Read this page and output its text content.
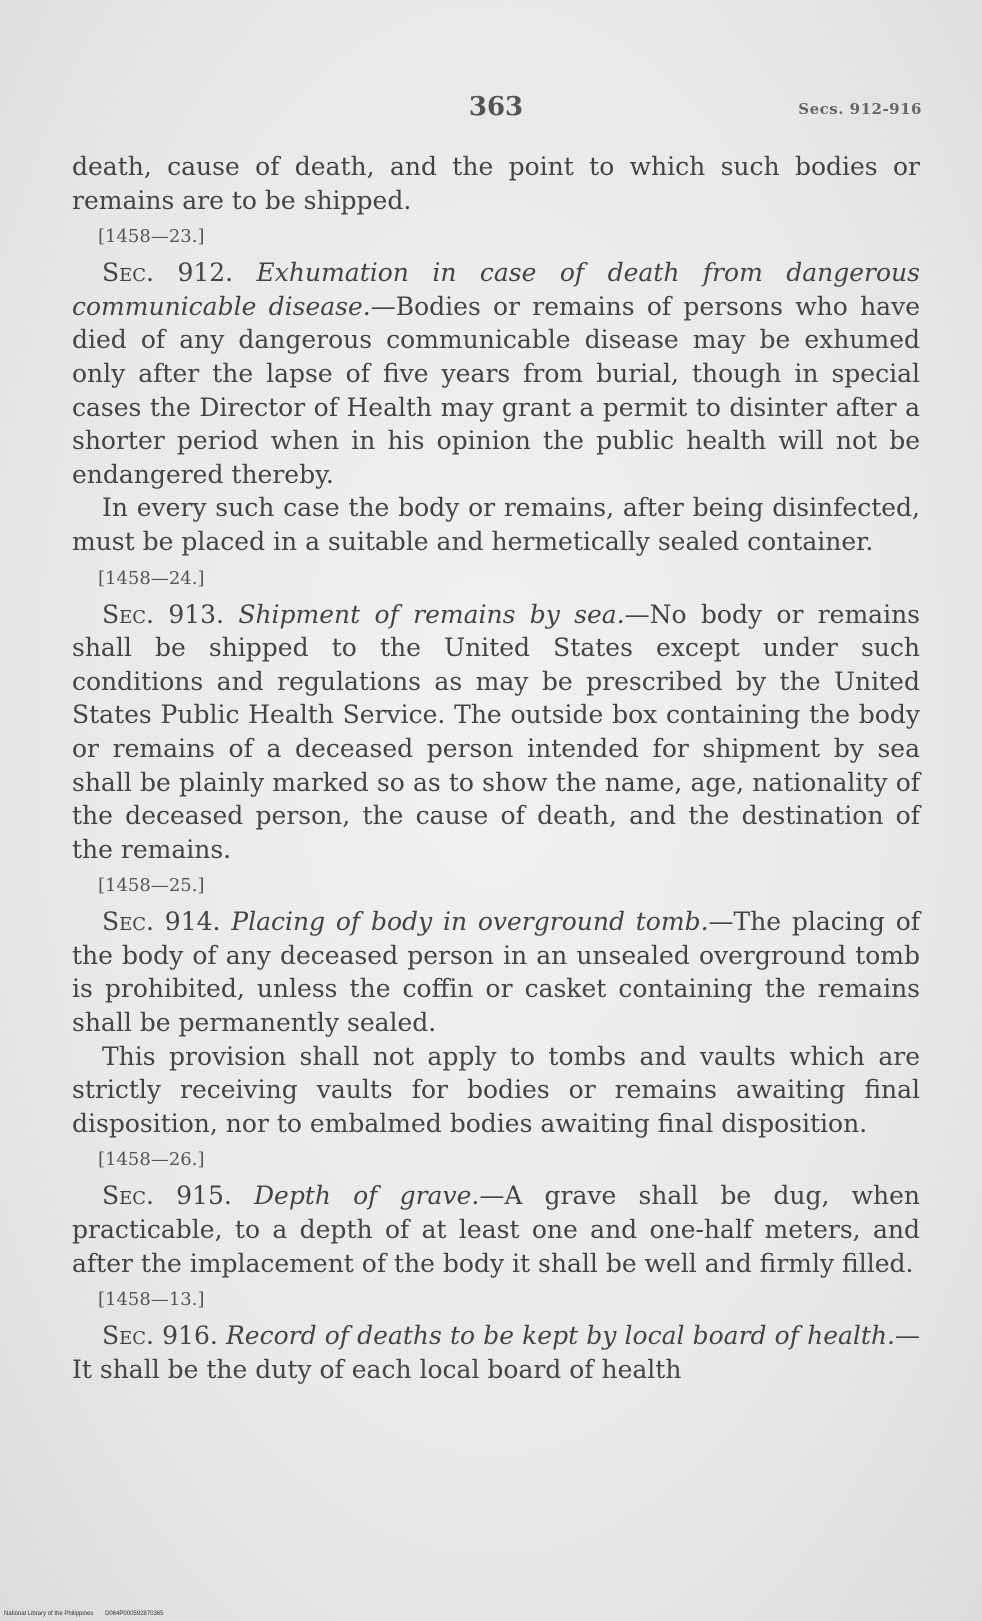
363	Secs. 912-916

death, cause of death, and the point to which such bodies or remains are to be shipped.

[1458—23.]

Sec. 912. Exhumation in case of death from dangerous communicable disease.—Bodies or remains of persons who have died of any dangerous communicable disease may be exhumed only after the lapse of five years from burial, though in special cases the Director of Health may grant a permit to disinter after a shorter period when in his opinion the public health will not be endangered thereby.

In every such case the body or remains, after being disinfected, must be placed in a suitable and hermetically sealed container.

[1458—24.]

Sec. 913. Shipment of remains by sea.—No body or remains shall be shipped to the United States except under such conditions and regulations as may be prescribed by the United States Public Health Service. The outside box containing the body or remains of a deceased person intended for shipment by sea shall be plainly marked so as to show the name, age, nationality of the deceased person, the cause of death, and the destination of the remains.

[1458—25.]

Sec. 914. Placing of body in overground tomb.—The placing of the body of any deceased person in an unsealed overground tomb is prohibited, unless the coffin or casket containing the remains shall be permanently sealed.

This provision shall not apply to tombs and vaults which are strictly receiving vaults for bodies or remains awaiting final disposition, nor to embalmed bodies awaiting final disposition.

[1458—26.]

Sec. 915. Depth of grave.—A grave shall be dug, when practicable, to a depth of at least one and one-half meters, and after the implacement of the body it shall be well and firmly filled.

[1458—13.]

Sec. 916. Record of deaths to be kept by local board of health.—It shall be the duty of each local board of health

National Library of the Philippines D064P000592870365
